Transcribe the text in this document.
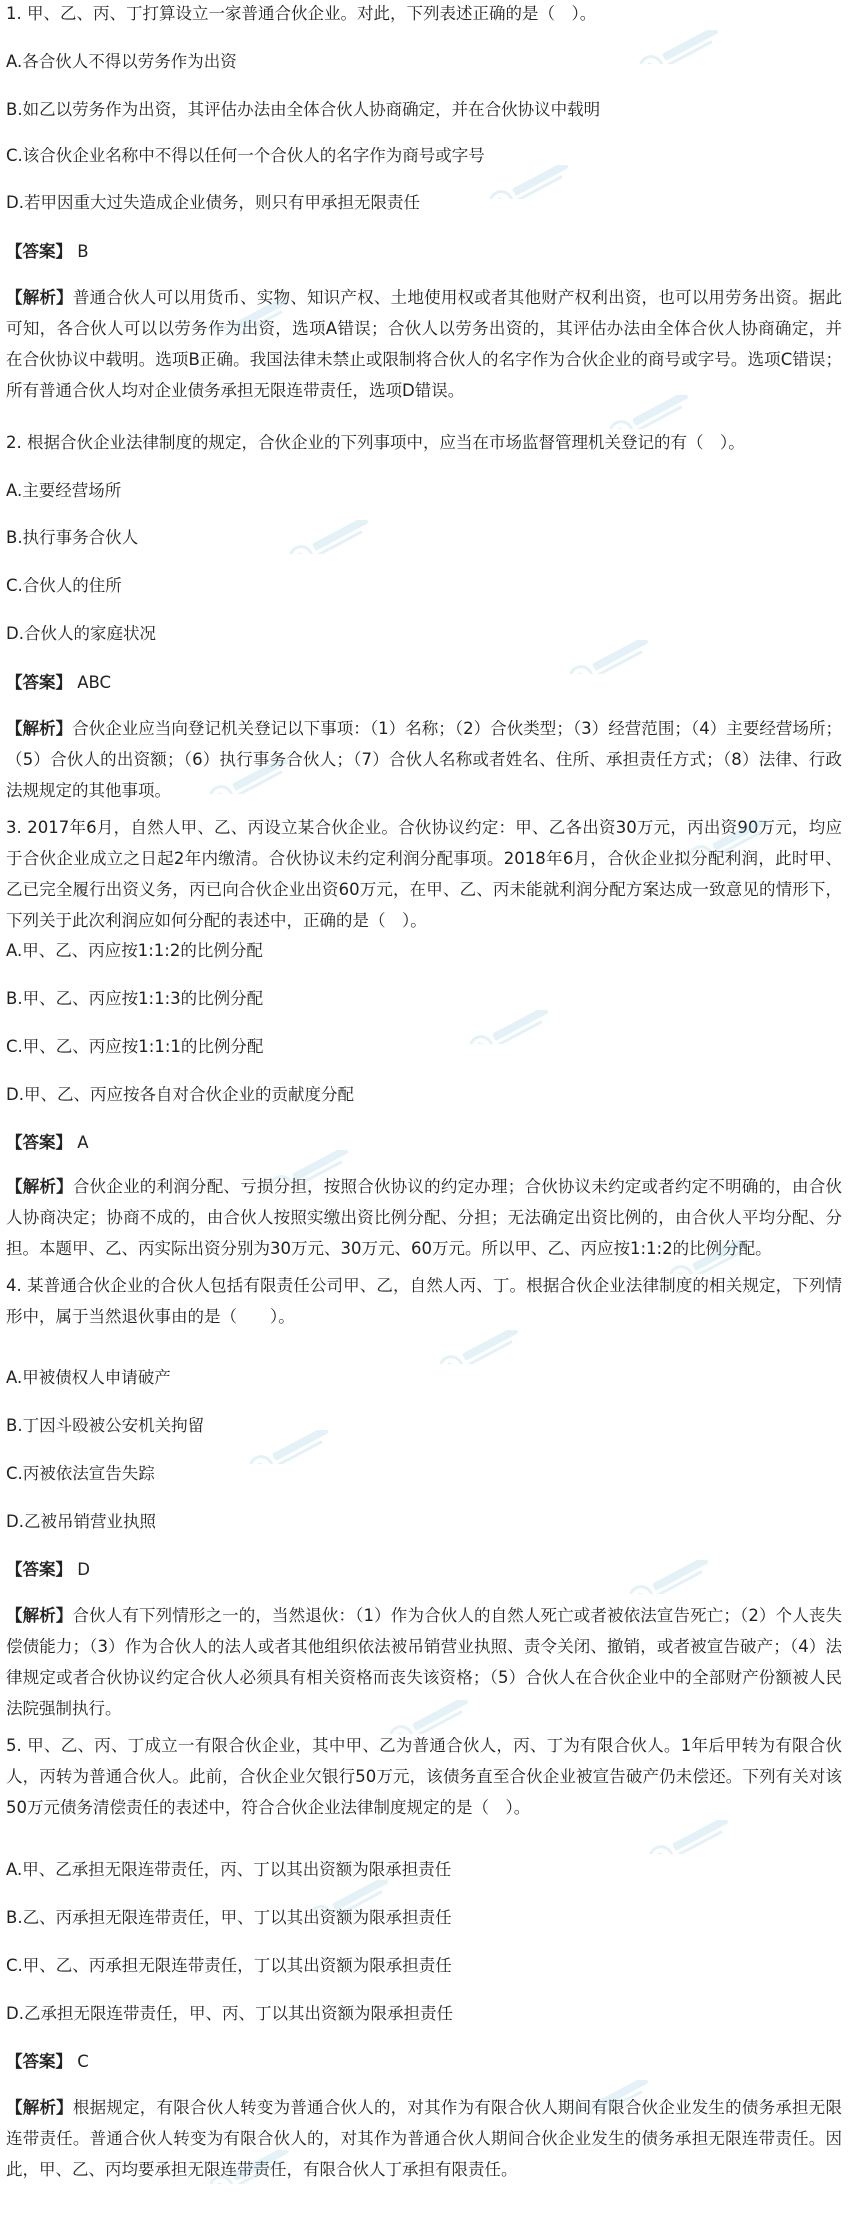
1. 甲、乙、丙、丁打算设立一家普通合伙企业。对此，下列表述正确的是（　）。
A.各合伙人不得以劳务作为出资
B.如乙以劳务作为出资，其评估办法由全体合伙人协商确定，并在合伙协议中载明
C.该合伙企业名称中不得以任何一个合伙人的名字作为商号或字号
D.若甲因重大过失造成企业债务，则只有甲承担无限责任
【答案】 B
【解析】普通合伙人可以用货币、实物、知识产权、土地使用权或者其他财产权利出资，也可以用劳务出资。据此可知，各合伙人可以以劳务作为出资，选项A错误；合伙人以劳务出资的，其评估办法由全体合伙人协商确定，并在合伙协议中载明。选项B正确。我国法律未禁止或限制将合伙人的名字作为合伙企业的商号或字号。选项C错误；所有普通合伙人均对企业债务承担无限连带责任，选项D错误。
2. 根据合伙企业法律制度的规定，合伙企业的下列事项中，应当在市场监督管理机关登记的有（　）。
A.主要经营场所
B.执行事务合伙人
C.合伙人的住所
D.合伙人的家庭状况
【答案】 ABC
【解析】合伙企业应当向登记机关登记以下事项：（1）名称；（2）合伙类型；（3）经营范围；（4）主要经营场所；（5）合伙人的出资额；（6）执行事务合伙人；（7）合伙人名称或者姓名、住所、承担责任方式；（8）法律、行政法规规定的其他事项。
3. 2017年6月，自然人甲、乙、丙设立某合伙企业。合伙协议约定：甲、乙各出资30万元，丙出资90万元，均应于合伙企业成立之日起2年内缴清。合伙协议未约定利润分配事项。2018年6月，合伙企业拟分配利润，此时甲、乙已完全履行出资义务，丙已向合伙企业出资60万元，在甲、乙、丙未能就利润分配方案达成一致意见的情形下，下列关于此次利润应如何分配的表述中，正确的是（　）。
A.甲、乙、丙应按1:1:2的比例分配
B.甲、乙、丙应按1:1:3的比例分配
C.甲、乙、丙应按1:1:1的比例分配
D.甲、乙、丙应按各自对合伙企业的贡献度分配
【答案】 A
【解析】合伙企业的利润分配、亏损分担，按照合伙协议的约定办理；合伙协议未约定或者约定不明确的，由合伙人协商决定；协商不成的，由合伙人按照实缴出资比例分配、分担；无法确定出资比例的，由合伙人平均分配、分担。本题甲、乙、丙实际出资分别为30万元、30万元、60万元。所以甲、乙、丙应按1:1:2的比例分配。
4. 某普通合伙企业的合伙人包括有限责任公司甲、乙，自然人丙、丁。根据合伙企业法律制度的相关规定，下列情形中，属于当然退伙事由的是（　　）。
A.甲被债权人申请破产
B.丁因斗殴被公安机关拘留
C.丙被依法宣告失踪
D.乙被吊销营业执照
【答案】 D
【解析】合伙人有下列情形之一的，当然退伙：（1）作为合伙人的自然人死亡或者被依法宣告死亡；（2）个人丧失偿债能力；（3）作为合伙人的法人或者其他组织依法被吊销营业执照、责令关闭、撤销，或者被宣告破产；（4）法律规定或者合伙协议约定合伙人必须具有相关资格而丧失该资格；（5）合伙人在合伙企业中的全部财产份额被人民法院强制执行。
5. 甲、乙、丙、丁成立一有限合伙企业，其中甲、乙为普通合伙人，丙、丁为有限合伙人。1年后甲转为有限合伙人，丙转为普通合伙人。此前，合伙企业欠银行50万元，该债务直至合伙企业被宣告破产仍未偿还。下列有关对该50万元债务清偿责任的表述中，符合合伙企业法律制度规定的是（　）。
A.甲、乙承担无限连带责任，丙、丁以其出资额为限承担责任
B.乙、丙承担无限连带责任，甲、丁以其出资额为限承担责任
C.甲、乙、丙承担无限连带责任，丁以其出资额为限承担责任
D.乙承担无限连带责任，甲、丙、丁以其出资额为限承担责任
【答案】 C
【解析】根据规定，有限合伙人转变为普通合伙人的，对其作为有限合伙人期间有限合伙企业发生的债务承担无限连带责任。普通合伙人转变为有限合伙人的，对其作为普通合伙人期间合伙企业发生的债务承担无限连带责任。因此，甲、乙、丙均要承担无限连带责任，有限合伙人丁承担有限责任。
